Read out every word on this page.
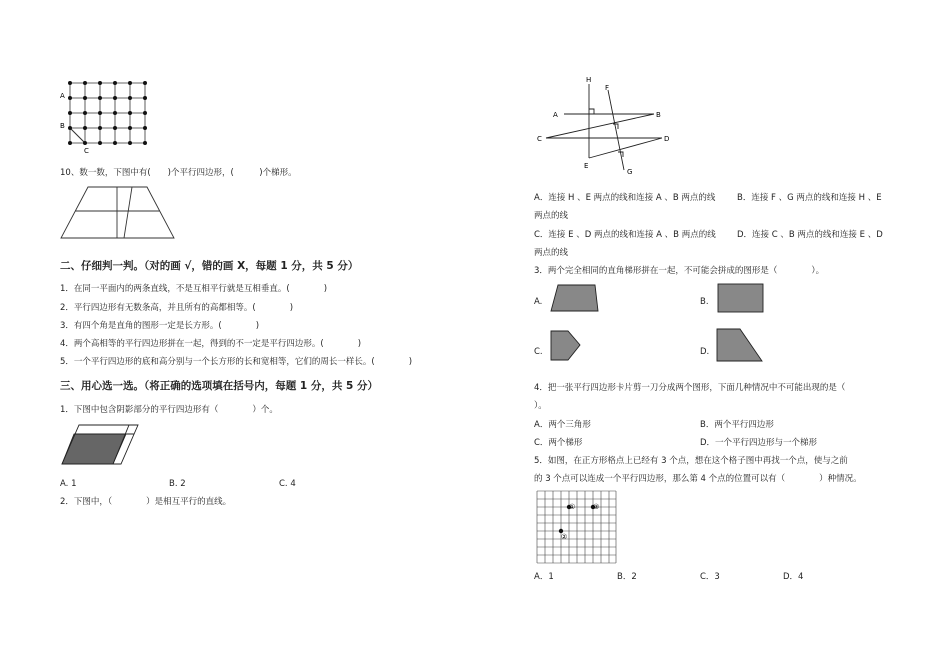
A
B
C
10、数一数，下图中有(　　)个平行四边形，(　　　)个梯形。
二、仔细判一判。（对的画 √，错的画 X，每题 1 分，共 5 分）
1．在同一平面内的两条直线，不是互相平行就是互相垂直。(　　　　)
2．平行四边形有无数条高，并且所有的高都相等。(　　　　)
3．有四个角是直角的图形一定是长方形。(　　　　)
4．两个高相等的平行四边形拼在一起，得到的不一定是平行四边形。(　　　　)
5．一个平行四边形的底和高分别与一个长方形的长和宽相等，它们的周长一样长。(　　　　)
三、用心选一选。（将正确的选项填在括号内，每题 1 分，共 5 分）
1．下图中包含阴影部分的平行四边形有（　　　　）个。
A. 1	B. 2	C. 4
2．下图中，（　　　　）是相互平行的直线。
H
F
A	B
C	D
E
G
A．连接 H 、E 两点的线和连接 A 、B 两点的线	B．连接 F 、G 两点的线和连接 H 、E
两点的线
C．连接 E 、D 两点的线和连接 A 、B 两点的线	D．连接 C 、B 两点的线和连接 E 、D
两点的线
3．两个完全相同的直角梯形拼在一起，不可能会拼成的图形是（　　　　）。
A.	B.
C.	D.
4．把一张平行四边形卡片剪一刀分成两个图形，下面几种情况中不可能出现的是（
）。
A．两个三角形	B．两个平行四边形
C．两个梯形	D．一个平行四边形与一个梯形
5．如图，在正方形格点上已经有 3 个点，想在这个格子图中再找一个点，使与之前
的 3 个点可以连成一个平行四边形，那么第 4 个点的位置可以有（　　　　）种情况。
①	③
②
A．1	B．2	C．3	D．4
